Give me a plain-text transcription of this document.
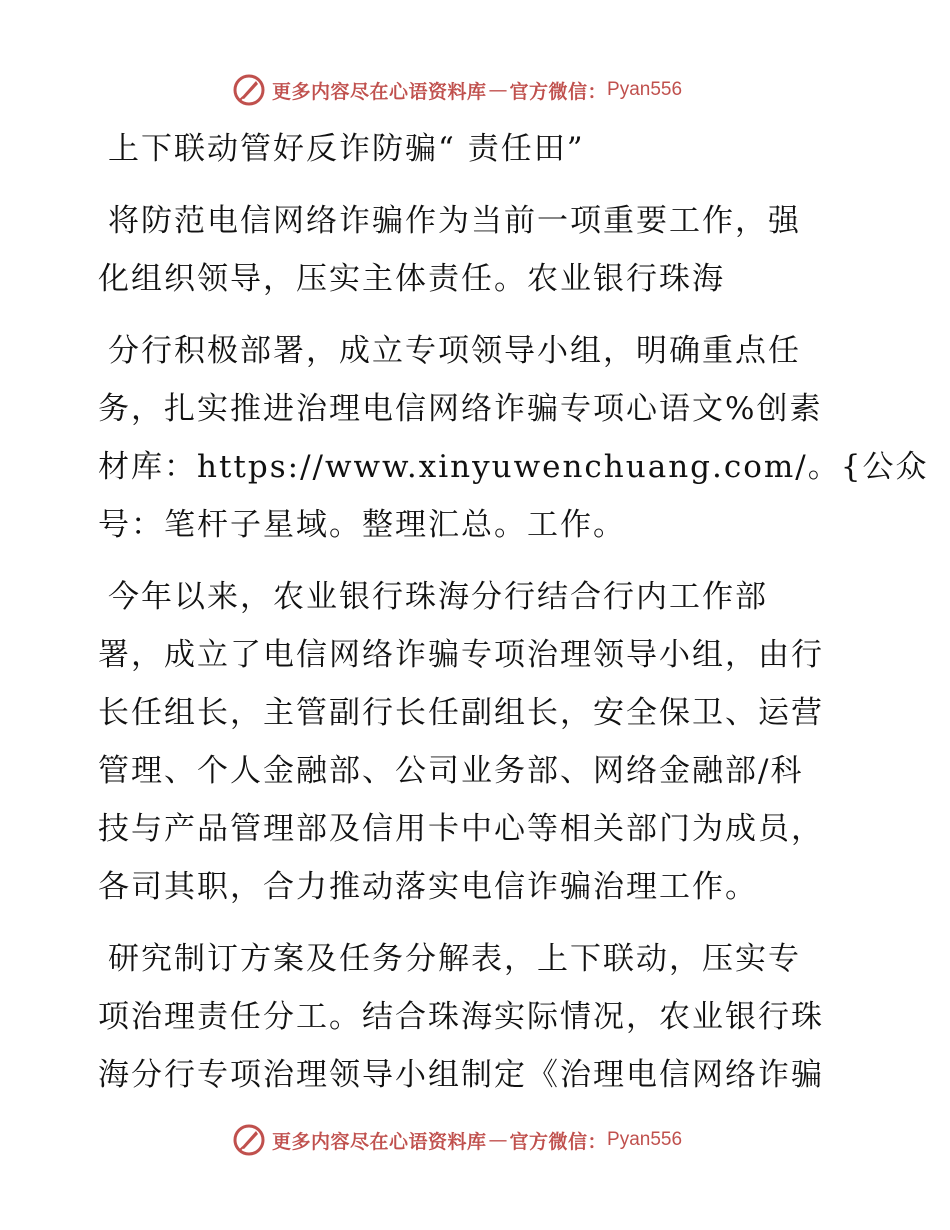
更多内容尽在心语资料库 — 官方微信： Pyan556
上下联动管好反诈防骗“ 责任田”
将防范电信网络诈骗作为当前一项重要工作，强
化组织领导，压实主体责任。农业银行珠海
分行积极部署，成立专项领导小组，明确重点任
务，扎实推进治理电信网络诈骗专项心语文%创素
材库：https://www.xinyuwenchuang.com/。{公众
号：笔杆子星域。整理汇总。工作。
今年以来，农业银行珠海分行结合行内工作部
署，成立了电信网络诈骗专项治理领导小组，由行
长任组长，主管副行长任副组长，安全保卫、运营
管理、个人金融部、公司业务部、网络金融部/科
技与产品管理部及信用卡中心等相关部门为成员，
各司其职，合力推动落实电信诈骗治理工作。
研究制订方案及任务分解表，上下联动，压实专
项治理责任分工。结合珠海实际情况，农业银行珠
海分行专项治理领导小组制定《治理电信网络诈骗
更多内容尽在心语资料库 — 官方微信： Pyan556
